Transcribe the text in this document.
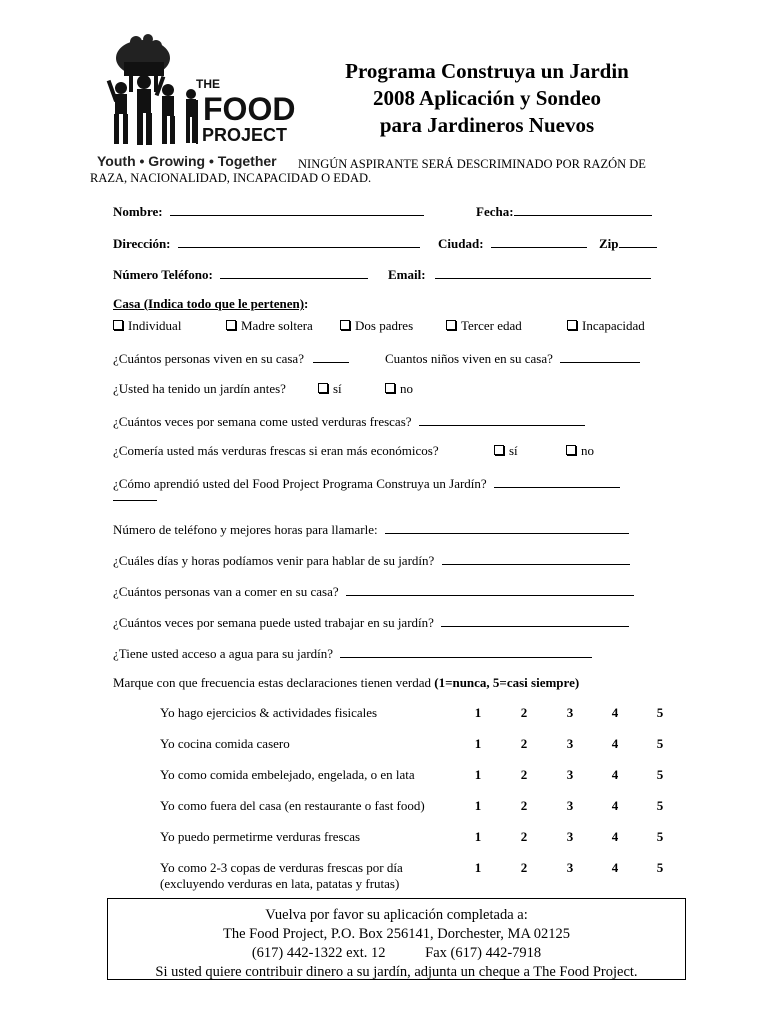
THE
FOOD
PROJECT
Youth • Growing • Together
Programa Construya un Jardin
2008 Aplicación y Sondeo
para Jardineros Nuevos
NINGÚN ASPIRANTE SERÁ DESCRIMINADO POR RAZÓN DE
RAZA, NACIONALIDAD, INCAPACIDAD O EDAD.
Nombre:	Fecha:
Dirección:	Ciudad:	Zip
Número Teléfono:	Email:
Casa (Indica todo que le pertenen):
Individual	Madre soltera	Dos padres	Tercer edad	Incapacidad
¿Cuántos personas viven en su casa?	Cuantos niños viven en su casa?
¿Usted ha tenido un jardín antes?	sí	no
¿Cuántos veces por semana come usted verduras frescas?
¿Comería usted más verduras frescas si eran más económicos?	sí	no
¿Cómo aprendió usted del Food Project Programa Construya un Jardín?
Número de teléfono y mejores horas para llamarle:
¿Cuáles días y horas podíamos venir para hablar de su jardín?
¿Cuántos personas van a comer en su casa?
¿Cuántos veces por semana puede usted trabajar en su jardín?
¿Tiene usted acceso a agua para su jardín?
Marque con que frecuencia estas declaraciones tienen verdad (1=nunca, 5=casi siempre)
Yo hago ejercicios & actividades fisicales	1	2	3	4	5
Yo cocina comida casero	1	2	3	4	5
Yo como comida embelejado, engelada, o en lata	1	2	3	4	5
Yo como fuera del casa (en restaurante o fast food)	1	2	3	4	5
Yo puedo permetirme verduras frescas	1	2	3	4	5
Yo como 2-3 copas de verduras frescas por día	1	2	3	4	5
(excluyendo verduras en lata, patatas y frutas)
Vuelva por favor su aplicación completada a:
The Food Project, P.O. Box 256141, Dorchester, MA 02125
(617) 442-1322 ext. 12	Fax (617) 442-7918
Si usted quiere contribuir dinero a su jardín, adjunta un cheque a The Food Project.
